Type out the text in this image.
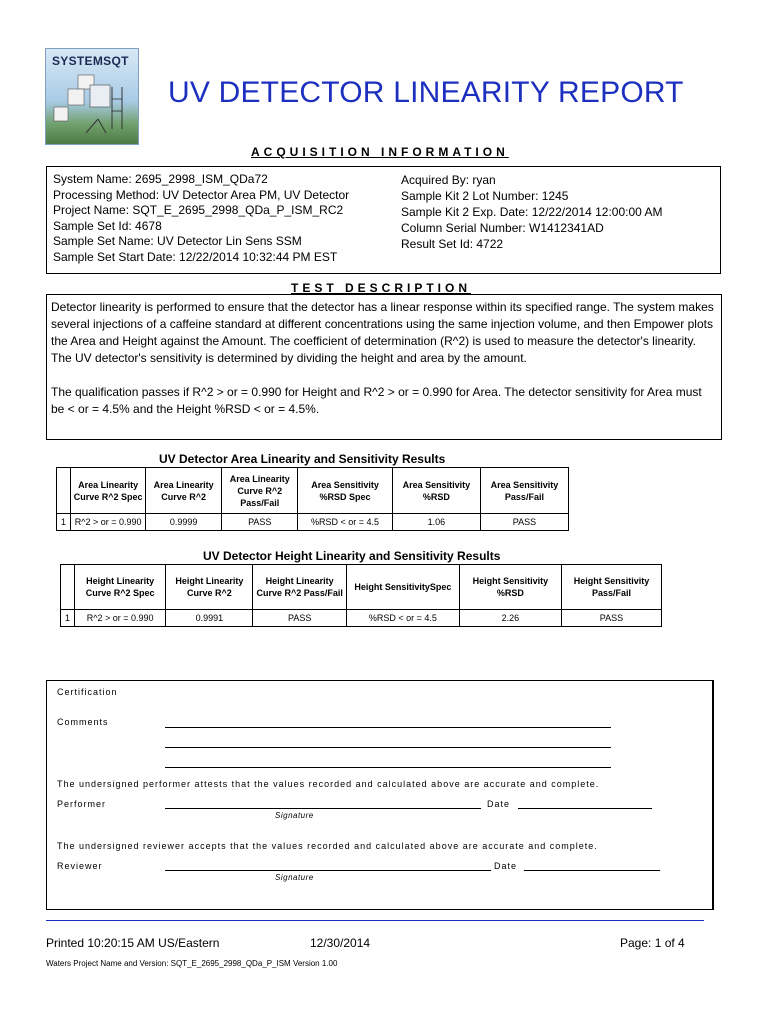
SYSTEMSQT
UV DETECTOR LINEARITY REPORT
ACQUISITION INFORMATION
System Name: 2695_2998_ISM_QDa72
Processing Method: UV Detector Area PM, UV Detector
Project Name: SQT_E_2695_2998_QDa_P_ISM_RC2
Sample Set Id: 4678
Sample Set Name: UV Detector Lin Sens SSM
Sample Set Start Date: 12/22/2014 10:32:44 PM EST
Acquired By: ryan
Sample Kit 2 Lot Number: 1245
Sample Kit 2 Exp. Date: 12/22/2014 12:00:00 AM
Column Serial Number: W1412341AD
Result Set Id: 4722
TEST DESCRIPTION

Detector linearity is performed to ensure that the detector has a linear response within its specified range. The system makes several injections of a caffeine standard at different concentrations using the same injection volume, and then Empower plots the Area and Height against the Amount. The coefficient of determination (R^2) is used to measure the detector's linearity. The UV detector's sensitivity is determined by dividing the height and area by the amount.

The qualification passes if R^2 > or = 0.990 for Height and R^2 > or = 0.990 for Area. The detector sensitivity for Area must be < or = 4.5% and the Height %RSD < or = 4.5%.

UV Detector Area Linearity and Sensitivity Results
	Area Linearity Curve R^2 Spec	Area Linearity Curve R^2	Area Linearity Curve R^2 Pass/Fail	Area Sensitivity %RSD Spec	Area Sensitivity %RSD	Area Sensitivity Pass/Fail
1	R^2 > or = 0.990	0.9999	PASS	%RSD < or = 4.5	1.06	PASS
UV Detector Height Linearity and Sensitivity Results
	Height Linearity Curve R^2 Spec	Height Linearity Curve R^2	Height Linearity Curve R^2 Pass/Fail	Height SensitivitySpec	Height Sensitivity %RSD	Height Sensitivity Pass/Fail
1	R^2 > or = 0.990	0.9991	PASS	%RSD < or = 4.5	2.26	PASS
Certification
Comments
The undersigned performer attests that the values recorded and calculated above are accurate and complete.
Performer
Signature
Date
The undersigned reviewer accepts that the values recorded and calculated above are accurate and complete.
Reviewer
Signature
Date
Printed 10:20:15 AM US/Eastern	12/30/2014	Page: 1 of 4
Waters Project Name and Version: SQT_E_2695_2998_QDa_P_ISM Version 1.00
